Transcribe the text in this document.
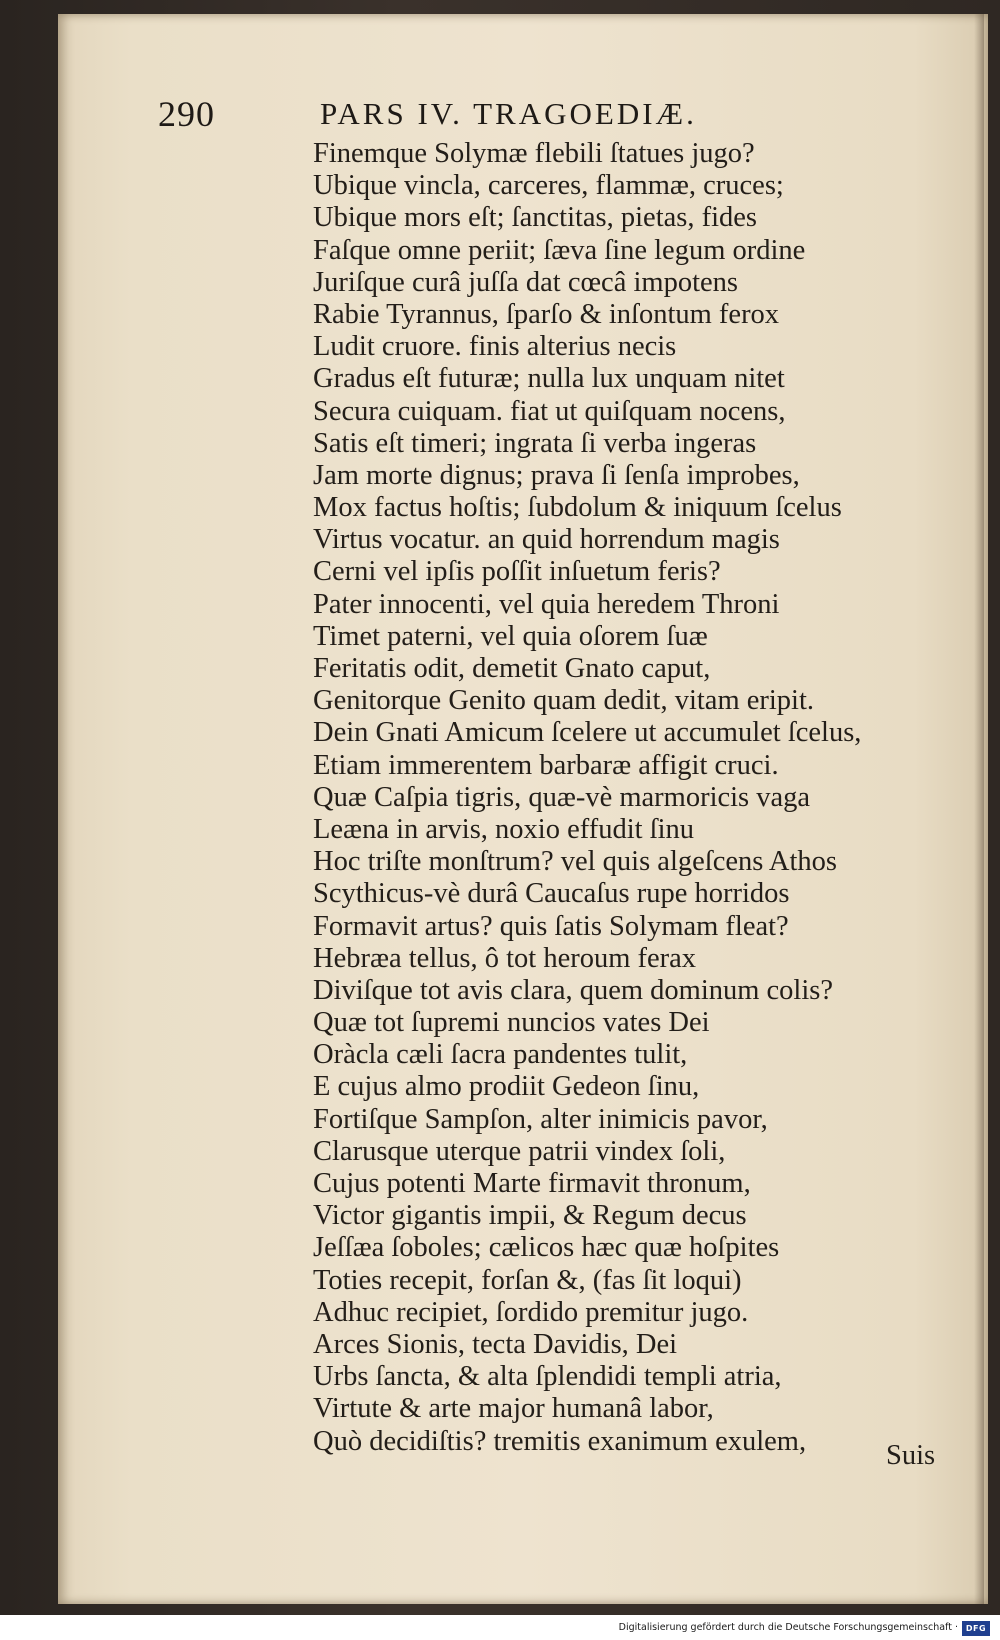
290	PARS IV. TRAGOEDIÆ.
Finemque Solymæ flebili ſtatues jugo?
Ubique vincla, carceres, flammæ, cruces;
Ubique mors eſt; ſanctitas, pietas, fides
Faſque omne periit; ſæva ſine legum ordine
Juriſque curâ juſſa dat cœcâ impotens
Rabie Tyrannus, ſparſo & inſontum ferox
Ludit cruore. finis alterius necis
Gradus eſt futuræ; nulla lux unquam nitet
Secura cuiquam. fiat ut quiſquam nocens,
Satis eſt timeri; ingrata ſi verba ingeras
Jam morte dignus; prava ſi ſenſa improbes,
Mox factus hoſtis; ſubdolum & iniquum ſcelus
Virtus vocatur. an quid horrendum magis
Cerni vel ipſis poſſit inſuetum feris?
Pater innocenti, vel quia heredem Throni
Timet paterni, vel quia oſorem ſuæ
Feritatis odit, demetit Gnato caput,
Genitorque Genito quam dedit, vitam eripit.
Dein Gnati Amicum ſcelere ut accumulet ſcelus,
Etiam immerentem barbaræ affigit cruci.
Quæ Caſpia tigris, quæ-vè marmoricis vaga
Leæna in arvis, noxio effudit ſinu
Hoc triſte monſtrum? vel quis algeſcens Athos
Scythicus-vè durâ Caucaſus rupe horridos
Formavit artus? quis ſatis Solymam fleat?
Hebræa tellus, ô tot heroum ferax
Diviſque tot avis clara, quem dominum colis?
Quæ tot ſupremi nuncios vates Dei
Oràcla cæli ſacra pandentes tulit,
E cujus almo prodiit Gedeon ſinu,
Fortiſque Sampſon, alter inimicis pavor,
Clarusque uterque patrii vindex ſoli,
Cujus potenti Marte firmavit thronum,
Victor gigantis impii, & Regum decus
Jeſſæa ſoboles; cælicos hæc quæ hoſpites
Toties recepit, forſan &, (fas ſit loqui)
Adhuc recipiet, ſordido premitur jugo.
Arces Sionis, tecta Davidis, Dei
Urbs ſancta, & alta ſplendidi templi atria,
Virtute & arte major humanâ labor,
Quò decidiſtis? tremitis exanimum exulem,	Suis
Digitalisierung gefördert durch die Deutsche Forschungsgemeinschaft · DFG
